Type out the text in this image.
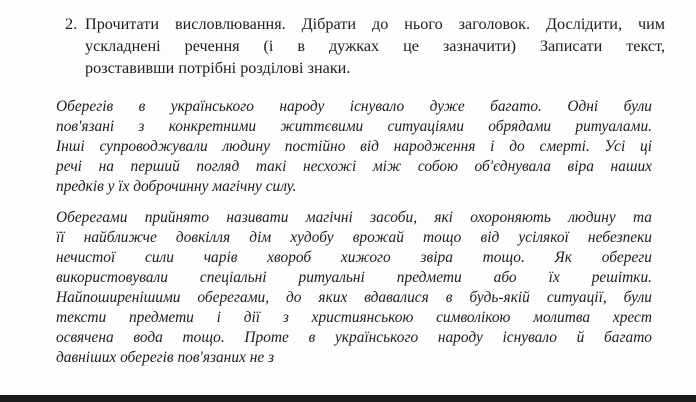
2. Прочитати висловлювання. Дібрати до нього заголовок. Дослідити, чим
ускладнені речення (і в дужках це зазначити) Записати текст,
розставивши потрібні розділові знаки.
Оберегів в українського народу існувало дуже багато. Одні були
пов'язані з конкретними життєвими ситуаціями обрядами ритуалами.
Інші супроводжували людину постійно від народження і до смерті. Усі ці
речі на перший погляд такі несхожі між собою об'єднувала віра наших
предків у їх доброчинну магічну силу.
Оберегами прийнято називати магічні засоби, які охороняють людину та
її найближче довкілля дім худобу врожай тощо від усілякої небезпеки
нечистої сили чарів хвороб хижого звіра тощо. Як обереги
використовували спеціальні ритуальні предмети або їх решітки.
Найпоширенішими оберегами, до яких вдавалися в будь-якій ситуації, були
тексти предмети і дії з християнською символікою молитва хрест
освячена вода тощо. Проте в українського народу існувало й багато
давніших оберегів пов'язаних не з
